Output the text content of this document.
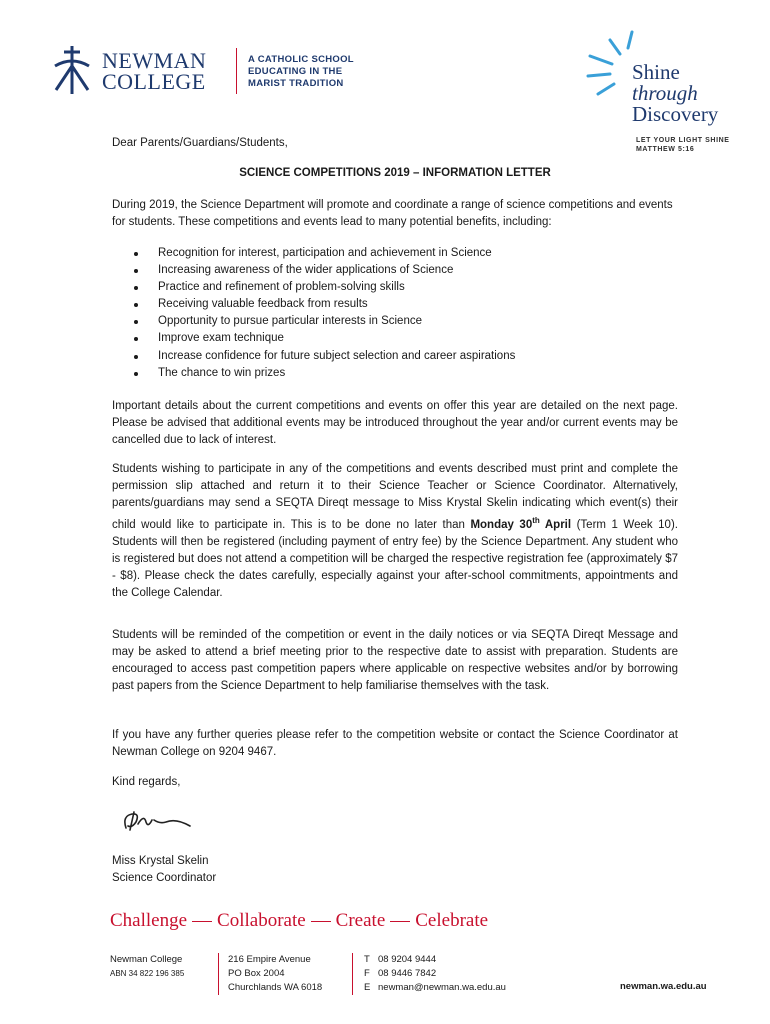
NEWMAN
COLLEGE
A CATHOLIC SCHOOL
EDUCATING IN THE
MARIST TRADITION	Shine
through
Discovery
LET YOUR LIGHT SHINE
MATTHEW 5:16
Dear Parents/Guardians/Students,
SCIENCE COMPETITIONS 2019 – INFORMATION LETTER
During 2019, the Science Department will promote and coordinate a range of science competitions and events for students. These competitions and events lead to many potential benefits, including:
Recognition for interest, participation and achievement in Science
Increasing awareness of the wider applications of Science
Practice and refinement of problem-solving skills
Receiving valuable feedback from results
Opportunity to pursue particular interests in Science
Improve exam technique
Increase confidence for future subject selection and career aspirations
The chance to win prizes
Important details about the current competitions and events on offer this year are detailed on the next page. Please be advised that additional events may be introduced throughout the year and/or current events may be cancelled due to lack of interest.
Students wishing to participate in any of the competitions and events described must print and complete the permission slip attached and return it to their Science Teacher or Science Coordinator. Alternatively, parents/guardians may send a SEQTA Direqt message to Miss Krystal Skelin indicating which event(s) their child would like to participate in. This is to be done no later than Monday 30th April (Term 1 Week 10). Students will then be registered (including payment of entry fee) by the Science Department. Any student who is registered but does not attend a competition will be charged the respective registration fee (approximately $7 - $8). Please check the dates carefully, especially against your after-school commitments, appointments and the College Calendar.
Students will be reminded of the competition or event in the daily notices or via SEQTA Direqt Message and may be asked to attend a brief meeting prior to the respective date to assist with preparation. Students are encouraged to access past competition papers where applicable on respective websites and/or by borrowing past papers from the Science Department to help familiarise themselves with the task.
If you have any further queries please refer to the competition website or contact the Science Coordinator at Newman College on 9204 9467.
Kind regards,
Miss Krystal Skelin
Science Coordinator
Challenge Collaborate Create Celebrate
Newman College
ABN 34 822 196 385
216 Empire Avenue
PO Box 2004
Churchlands WA 6018
T 08 9204 9444
F 08 9446 7842
E newman@newman.wa.edu.au	newman.wa.edu.au
